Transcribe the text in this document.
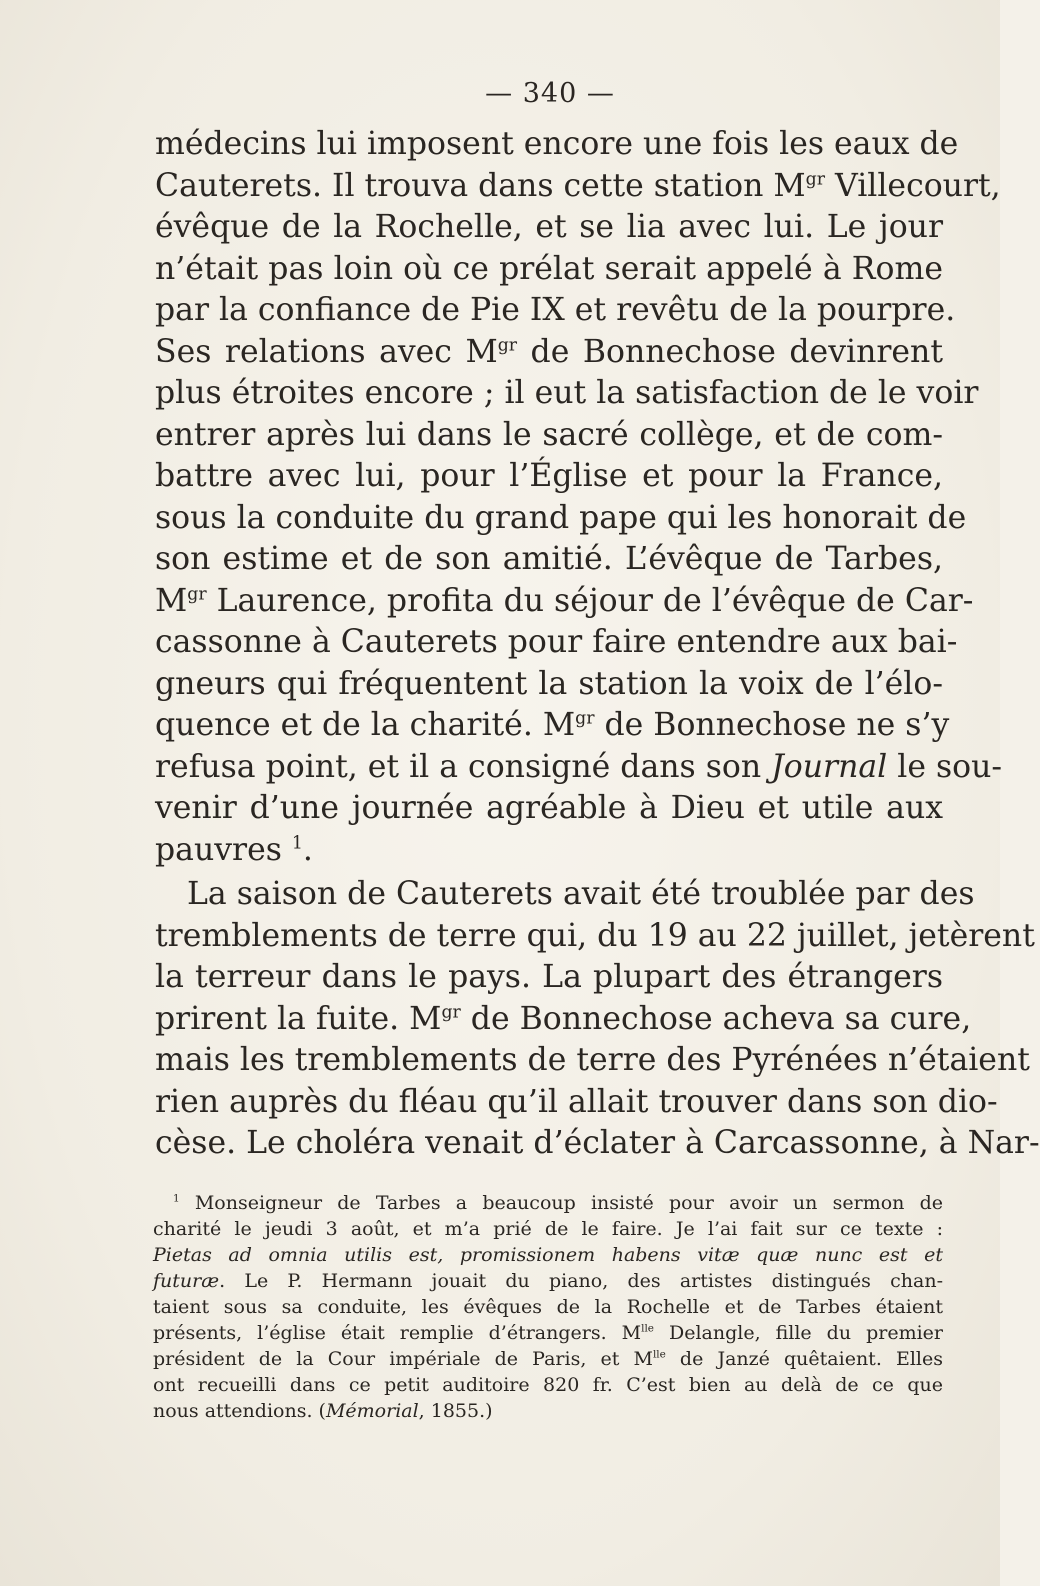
— 340 —
médecins lui imposent encore une fois les eaux de
Cauterets. Il trouva dans cette station $M^{gr}$ Villecourt,
évêque de la Rochelle, et se lia avec lui. Le jour
n’était pas loin où ce prélat serait appelé à Rome
par la confiance de Pie IX et revêtu de la pourpre.
Ses relations avec $M^{gr}$ de Bonnechose devinrent
plus étroites encore ; il eut la satisfaction de le voir
entrer après lui dans le sacré collège, et de com-
battre avec lui, pour l’Église et pour la France,
sous la conduite du grand pape qui les honorait de
son estime et de son amitié. L’évêque de Tarbes,
$M^{gr}$ Laurence, profita du séjour de l’évêque de Car-
cassonne à Cauterets pour faire entendre aux bai-
gneurs qui fréquentent la station la voix de l’élo-
quence et de la charité. $M^{gr}$ de Bonnechose ne s’y
refusa point, et il a consigné dans son Journal le sou-
venir d’une journée agréable à Dieu et utile aux
pauvres $^1$.
La saison de Cauterets avait été troublée par des
tremblements de terre qui, du 19 au 22 juillet, jetèrent
la terreur dans le pays. La plupart des étrangers
prirent la fuite. $M^{gr}$ de Bonnechose acheva sa cure,
mais les tremblements de terre des Pyrénées n’étaient
rien auprès du fléau qu’il allait trouver dans son dio-
cèse. Le choléra venait d’éclater à Carcassonne, à Nar-
$^1$ Monseigneur de Tarbes a beaucoup insisté pour avoir un sermon de
charité le jeudi 3 août, et m’a prié de le faire. Je l’ai fait sur ce texte :
Pietas ad omnia utilis est, promissionem habens vitæ quæ nunc est et
futuræ. Le P. Hermann jouait du piano, des artistes distingués chan-
taient sous sa conduite, les évêques de la Rochelle et de Tarbes étaient
présents, l’église était remplie d’étrangers. $M^{lle}$ Delangle, fille du premier
président de la Cour impériale de Paris, et $M^{lle}$ de Janzé quêtaient. Elles
ont recueilli dans ce petit auditoire 820 fr. C’est bien au delà de ce que
nous attendions. (Mémorial, 1855.)
